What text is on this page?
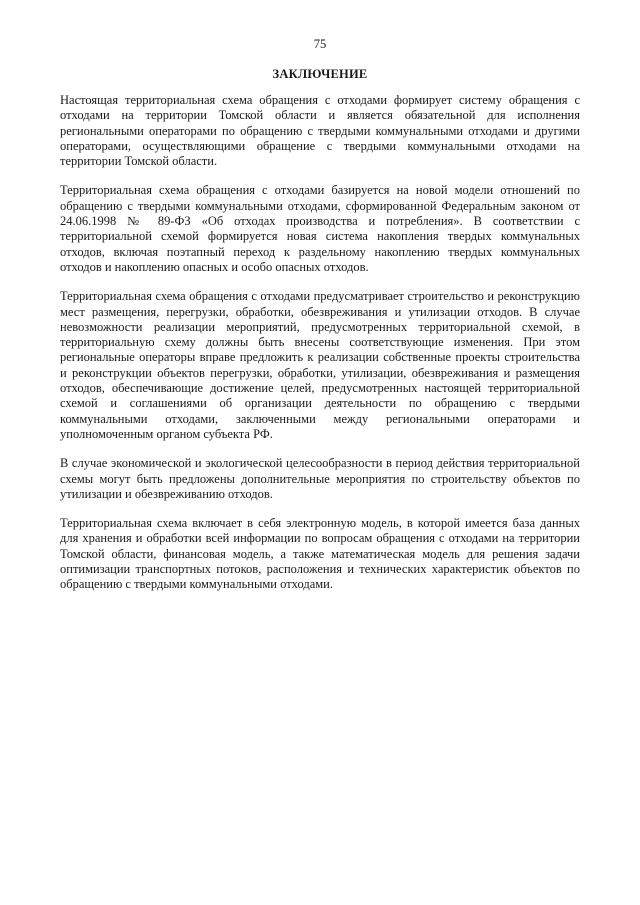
75
ЗАКЛЮЧЕНИЕ

Настоящая территориальная схема обращения с отходами формирует систему обращения с отходами на территории Томской области и является обязательной для исполнения региональными операторами по обращению с твердыми коммунальными отходами и другими операторами, осуществляющими обращение с твердыми коммунальными отходами на территории Томской области.

Территориальная схема обращения с отходами базируется на новой модели отношений по обращению с твердыми коммунальными отходами, сформированной Федеральным законом от 24.06.1998 № 89-ФЗ «Об отходах производства и потребления». В соответствии с территориальной схемой формируется новая система накопления твердых коммунальных отходов, включая поэтапный переход к раздельному накоплению твердых коммунальных отходов и накоплению опасных и особо опасных отходов.

Территориальная схема обращения с отходами предусматривает строительство и реконструкцию мест размещения, перегрузки, обработки, обезвреживания и утилизации отходов. В случае невозможности реализации мероприятий, предусмотренных территориальной схемой, в территориальную схему должны быть внесены соответствующие изменения. При этом региональные операторы вправе предложить к реализации собственные проекты строительства и реконструкции объектов перегрузки, обработки, утилизации, обезвреживания и размещения отходов, обеспечивающие достижение целей, предусмотренных настоящей территориальной схемой и соглашениями об организации деятельности по обращению с твердыми коммунальными отходами, заключенными между региональными операторами и уполномоченным органом субъекта РФ.

В случае экономической и экологической целесообразности в период действия территориальной схемы могут быть предложены дополнительные мероприятия по строительству объектов по утилизации и обезвреживанию отходов.

Территориальная схема включает в себя электронную модель, в которой имеется база данных для хранения и обработки всей информации по вопросам обращения с отходами на территории Томской области, финансовая модель, а также математическая модель для решения задачи оптимизации транспортных потоков, расположения и технических характеристик объектов по обращению с твердыми коммунальными отходами.
